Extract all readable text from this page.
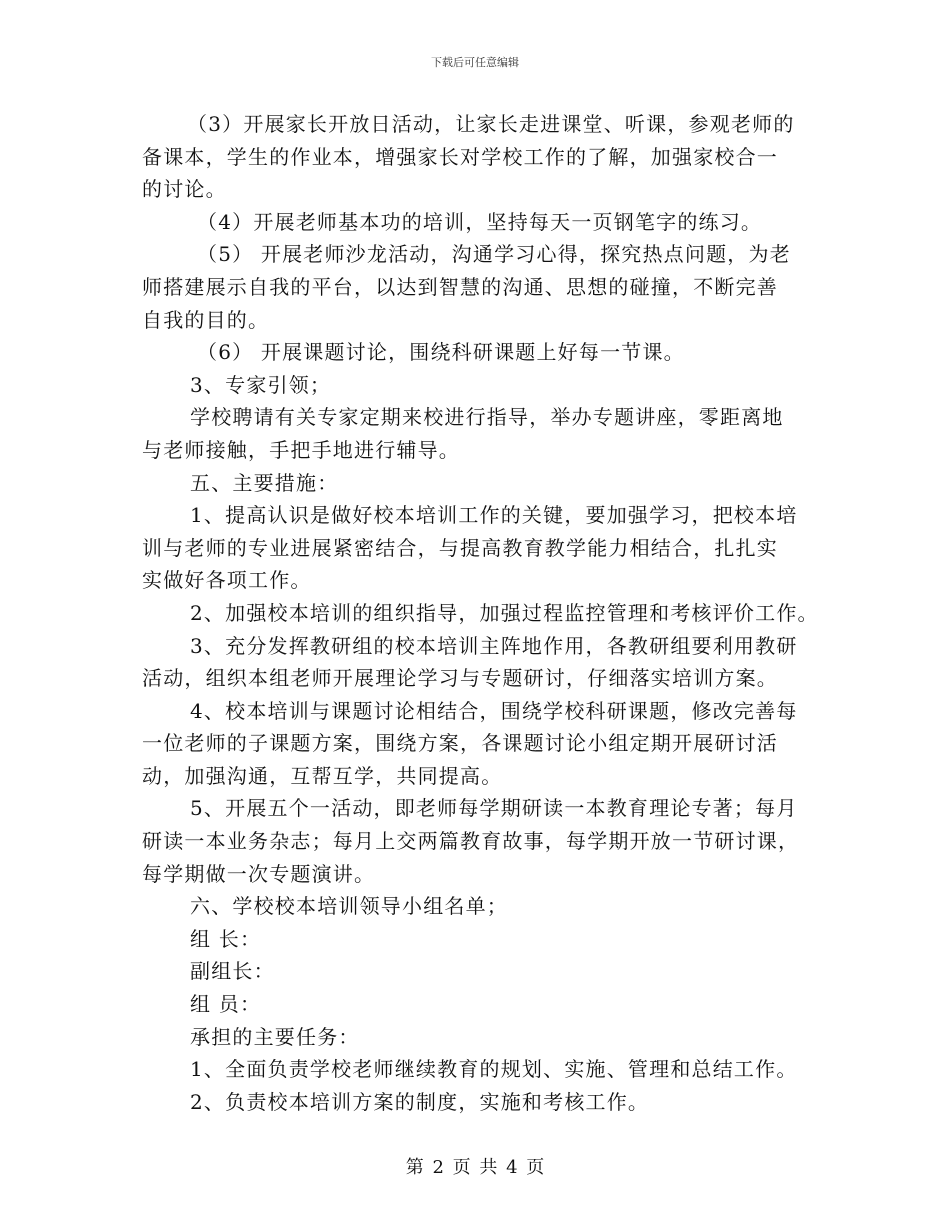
下载后可任意编辑
（3）开展家长开放日活动，让家长走进课堂、听课，参观老师的
备课本，学生的作业本，增强家长对学校工作的了解，加强家校合一
的讨论。
（4）开展老师基本功的培训，坚持每天一页钢笔字的练习。
（5） 开展老师沙龙活动，沟通学习心得，探究热点问题，为老
师搭建展示自我的平台，以达到智慧的沟通、思想的碰撞，不断完善
自我的目的。
（6） 开展课题讨论，围绕科研课题上好每一节课。
3、专家引领；
学校聘请有关专家定期来校进行指导，举办专题讲座，零距离地
与老师接触，手把手地进行辅导。
五、主要措施：
1、提高认识是做好校本培训工作的关键，要加强学习，把校本培
训与老师的专业进展紧密结合，与提高教育教学能力相结合，扎扎实
实做好各项工作。
2、加强校本培训的组织指导，加强过程监控管理和考核评价工作。
3、充分发挥教研组的校本培训主阵地作用，各教研组要利用教研
活动，组织本组老师开展理论学习与专题研讨，仔细落实培训方案。
4、校本培训与课题讨论相结合，围绕学校科研课题，修改完善每
一位老师的子课题方案，围绕方案，各课题讨论小组定期开展研讨活
动，加强沟通，互帮互学，共同提高。
5、开展五个一活动，即老师每学期研读一本教育理论专著；每月
研读一本业务杂志；每月上交两篇教育故事，每学期开放一节研讨课，
每学期做一次专题演讲。
六、学校校本培训领导小组名单；
组 长：
副组长：
组 员：
承担的主要任务：
1、全面负责学校老师继续教育的规划、实施、管理和总结工作。
2、负责校本培训方案的制度，实施和考核工作。
第 2 页 共 4 页
